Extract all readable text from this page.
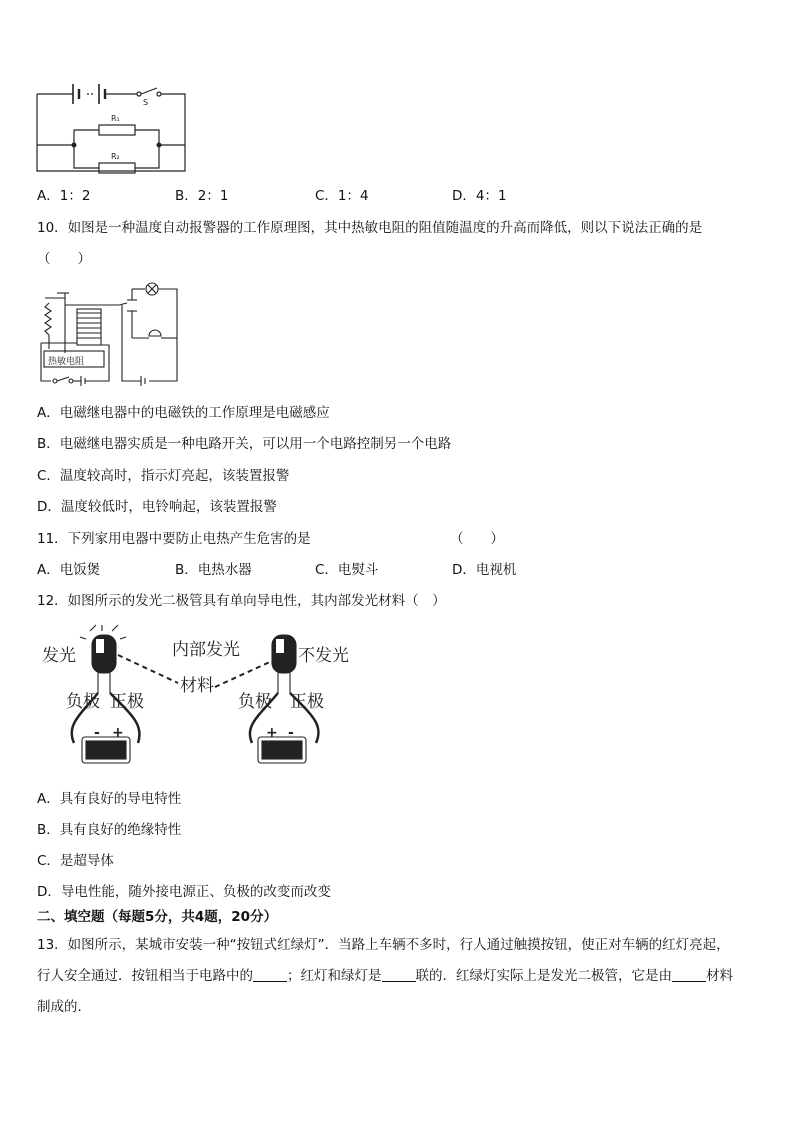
S
R₁
R₂
A．1：2	B．2：1	C．1：4	D．4：1
10．如图是一种温度自动报警器的工作原理图，其中热敏电阻的阻值随温度的升高而降低，则以下说法正确的是
（　　）
热敏电阻
A．电磁继电器中的电磁铁的工作原理是电磁感应
B．电磁继电器实质是一种电路开关，可以用一个电路控制另一个电路
C．温度较高时，指示灯亮起，该装置报警
D．温度较低时，电铃响起，该装置报警
11．下列家用电器中要防止电热产生危害的是	（　　）
A．电饭煲	B．电热水器	C．电熨斗	D．电视机
12．如图所示的发光二极管具有单向导电性，其内部发光材料（　）
发光	不发光
内部发光
材料
负极 正极	负极 正极
- +	+ -
A．具有良好的导电特性
B．具有良好的绝缘特性
C．是超导体
D．导电性能，随外接电源正、负极的改变而改变
二、填空题（每题5分，共4题，20分）
13．如图所示，某城市安装一种“按钮式红绿灯”．当路上车辆不多时，行人通过触摸按钮，使正对车辆的红灯亮起，
行人安全通过．按钮相当于电路中的	；红灯和绿灯是	联的．红绿灯实际上是发光二极管，它是由	材料
制成的．
